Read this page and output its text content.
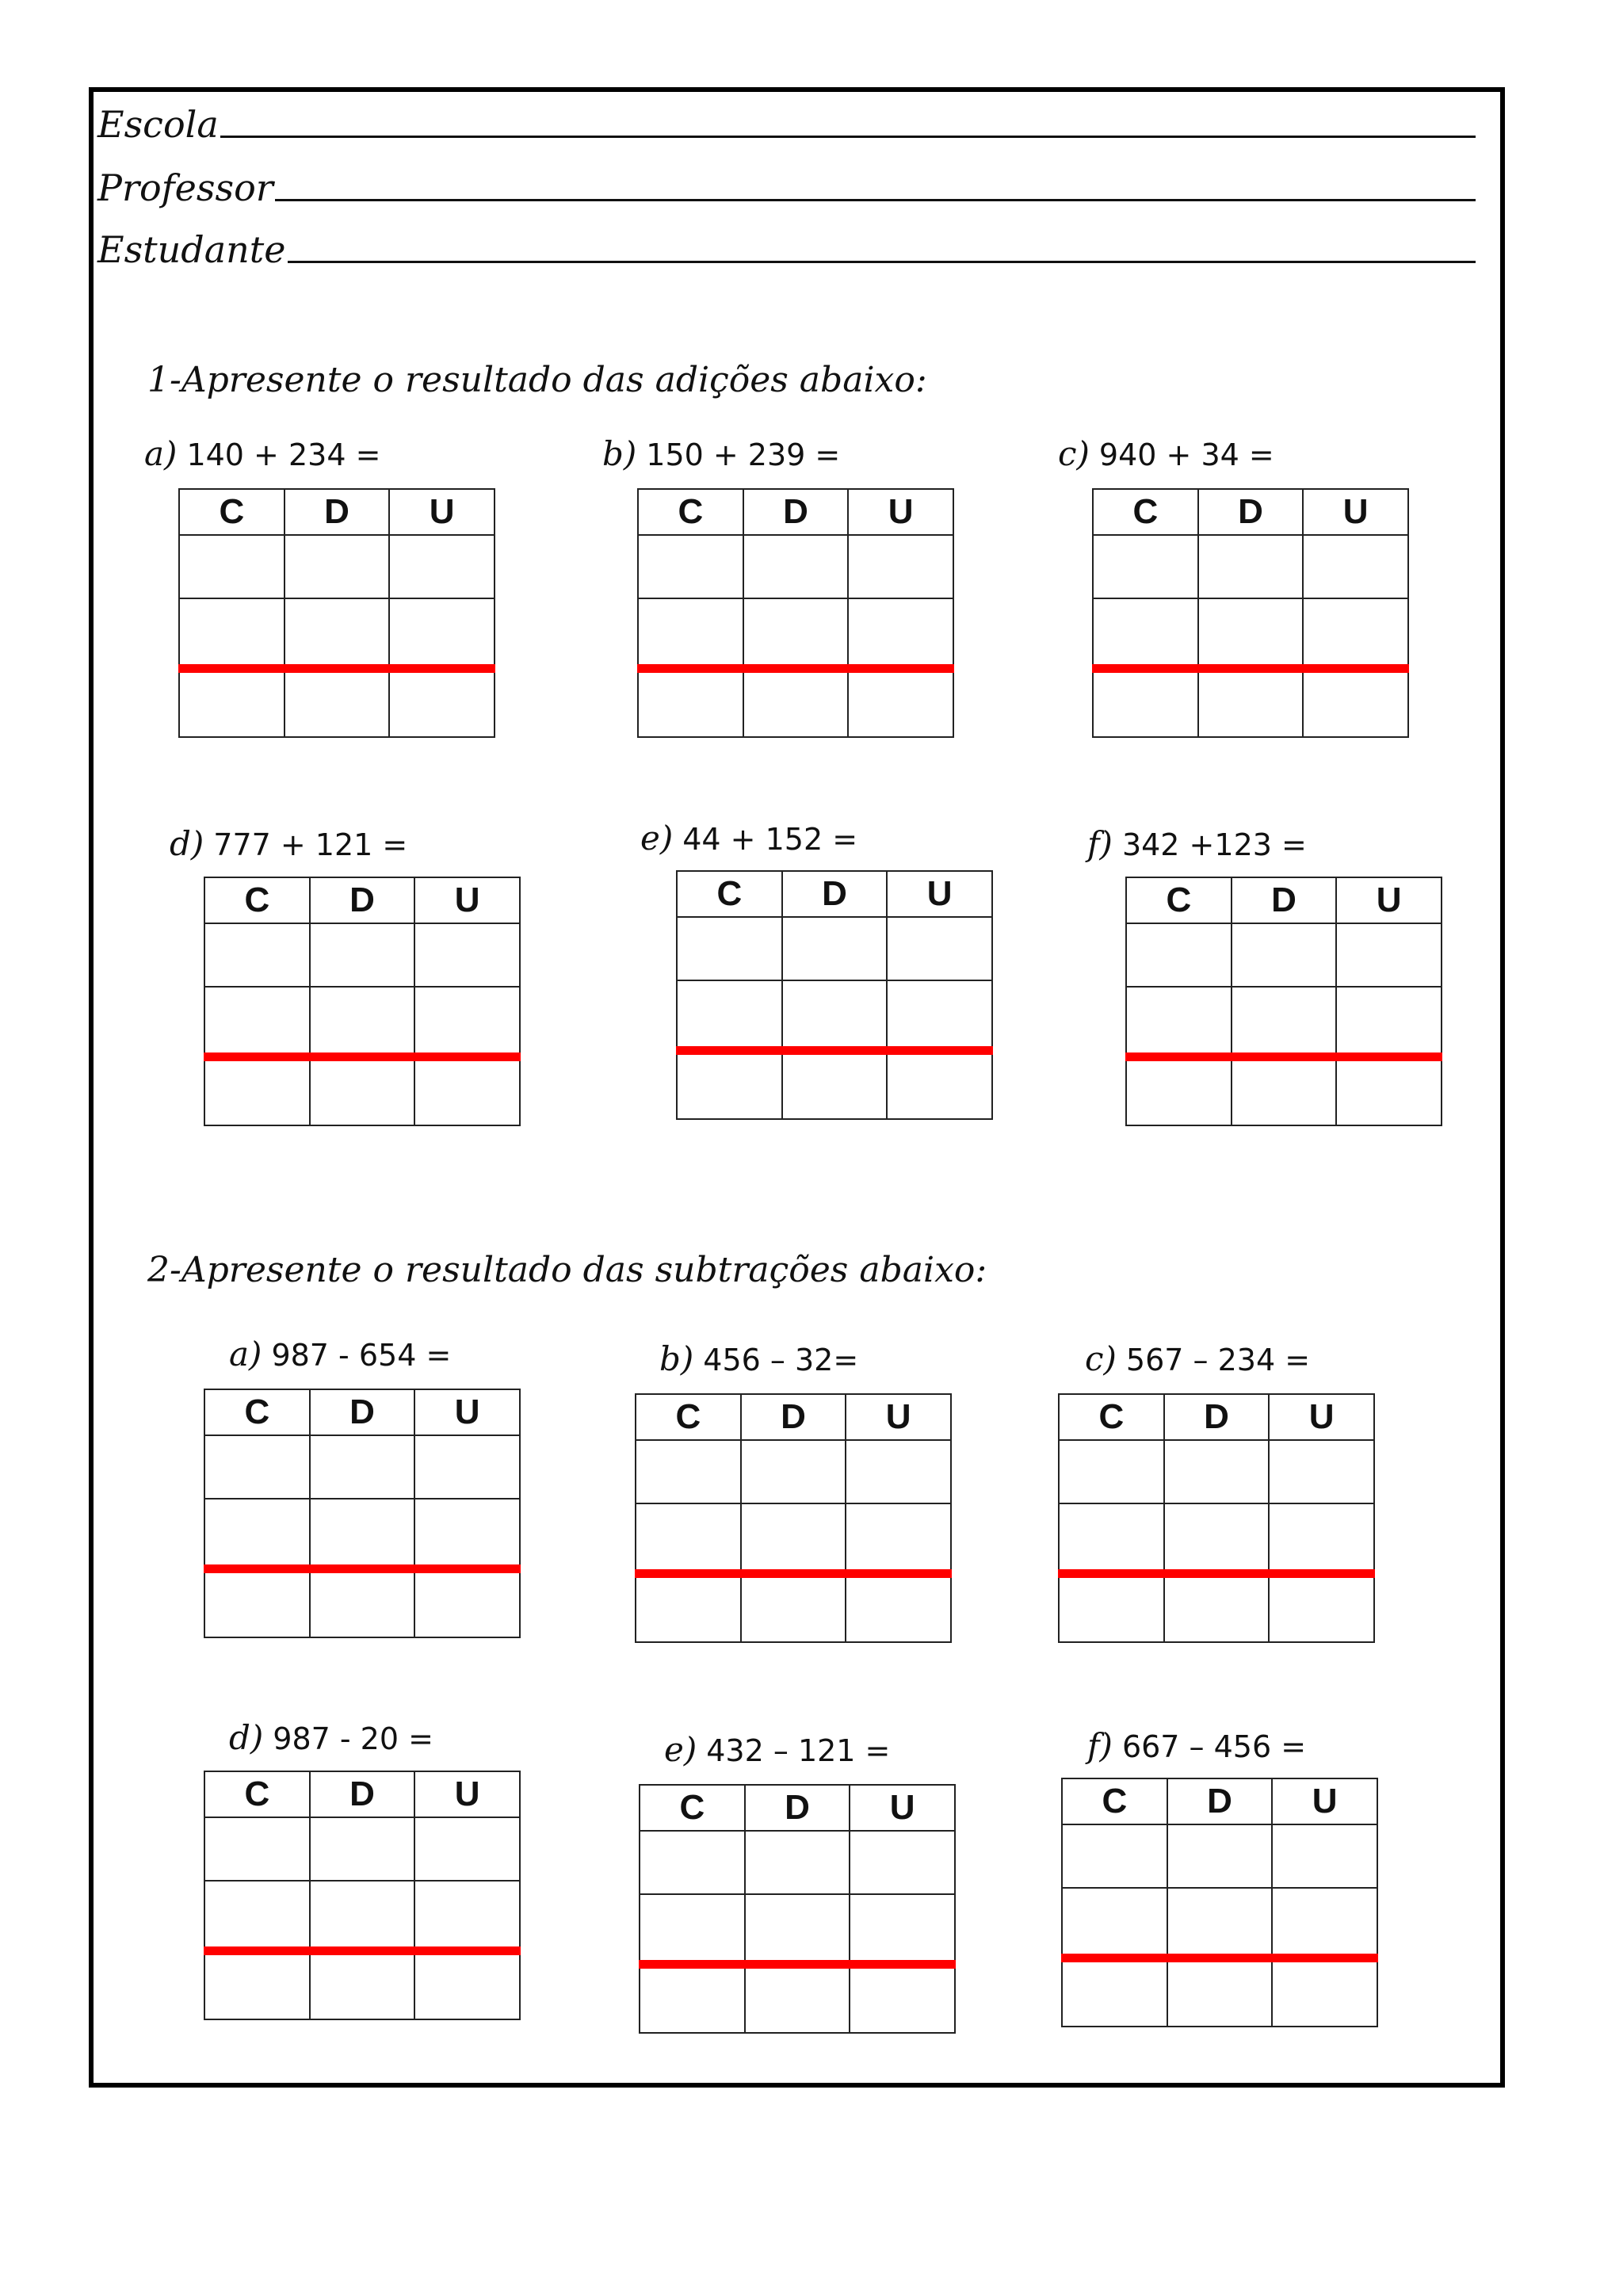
Escola
Professor
Estudante
1-Apresente o resultado das adições abaixo:
a) 140 + 234 =
C	D	U
b) 150 + 239 =
C	D	U
c) 940 + 34 =
C	D	U
d) 777 + 121 =
C	D	U
e) 44 + 152 =
C	D	U
f) 342 +123 =
C	D	U
2-Apresente o resultado das subtrações abaixo:
a) 987 - 654 =
C	D	U
b) 456 – 32=
C	D	U
c) 567 – 234 =
C	D	U
d) 987 - 20 =
C	D	U
e) 432 – 121 =
C	D	U
f) 667 – 456 =
C	D	U
